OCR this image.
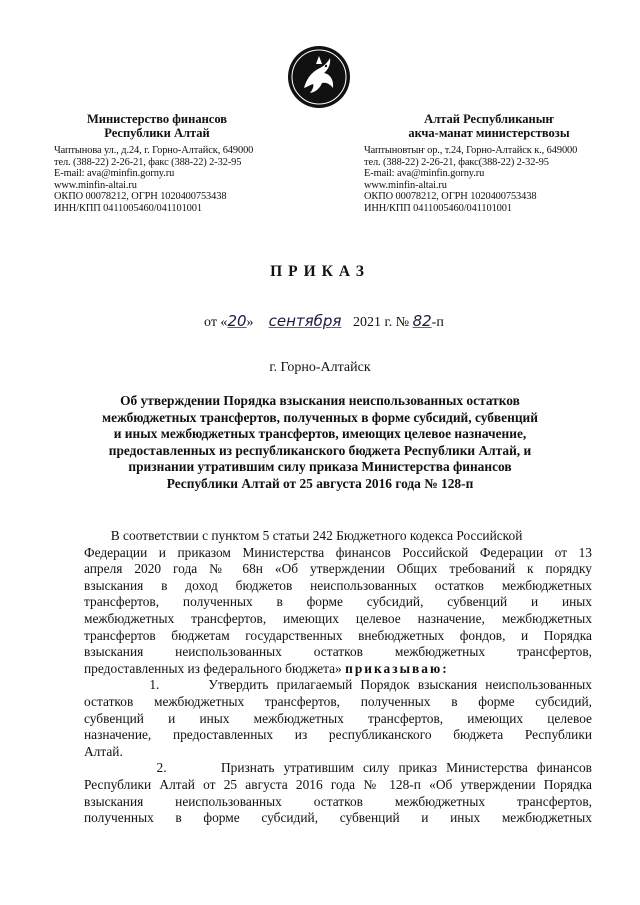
Министерство финансов
Республики Алтай
Алтай Республиканыҥ
акча-манат министерствозы
Чаптынова ул., д.24, г. Горно-Алтайск, 649000
тел. (388-22) 2-26-21, факс (388-22) 2-32-95
E-mail: ava@minfin.gorny.ru
www.minfin-altai.ru
ОКПО 00078212, ОГРН 1020400753438
ИНН/КПП 0411005460/041101001
Чаптыновтыҥ ор., т.24, Горно-Алтайск к., 649000
тел. (388-22) 2-26-21, факс(388-22) 2-32-95
E-mail: ava@minfin.gorny.ru
www.minfin-altai.ru
ОКПО 00078212, ОГРН 1020400753438
ИНН/КПП 0411005460/041101001
ПРИКАЗ
от «20» сентября 2021 г. № 82-п
г. Горно-Алтайск
Об утверждении Порядка взыскания неиспользованных остатков
межбюджетных трансфертов, полученных в форме субсидий, субвенций
и иных межбюджетных трансфертов, имеющих целевое назначение,
предоставленных из республиканского бюджета Республики Алтай, и
признании утратившим силу приказа Министерства финансов
Республики Алтай от 25 августа 2016 года № 128-п
В соответствии с пунктом 5 статьи 242 Бюджетного кодекса Российской
Федерации и приказом Министерства финансов Российской Федерации от 13
апреля 2020 года № 68н «Об утверждении Общих требований к порядку
взыскания в доход бюджетов неиспользованных остатков межбюджетных
трансфертов, полученных в форме субсидий, субвенций и иных
межбюджетных трансфертов, имеющих целевое назначение, межбюджетных
трансфертов бюджетам государственных внебюджетных фондов, и Порядка
взыскания неиспользованных остатков межбюджетных трансфертов,
предоставленных из федерального бюджета» приказываю:
1.      Утвердить прилагаемый Порядок взыскания неиспользованных
остатков межбюджетных трансфертов, полученных в форме субсидий,
субвенций и иных межбюджетных трансфертов, имеющих целевое
назначение, предоставленных из республиканского бюджета Республики
Алтай.
2.      Признать утратившим силу приказ Министерства финансов
Республики Алтай от 25 августа 2016 года № 128-п «Об утверждении Порядка
взыскания неиспользованных остатков межбюджетных трансфертов,
полученных в форме субсидий, субвенций и иных межбюджетных
